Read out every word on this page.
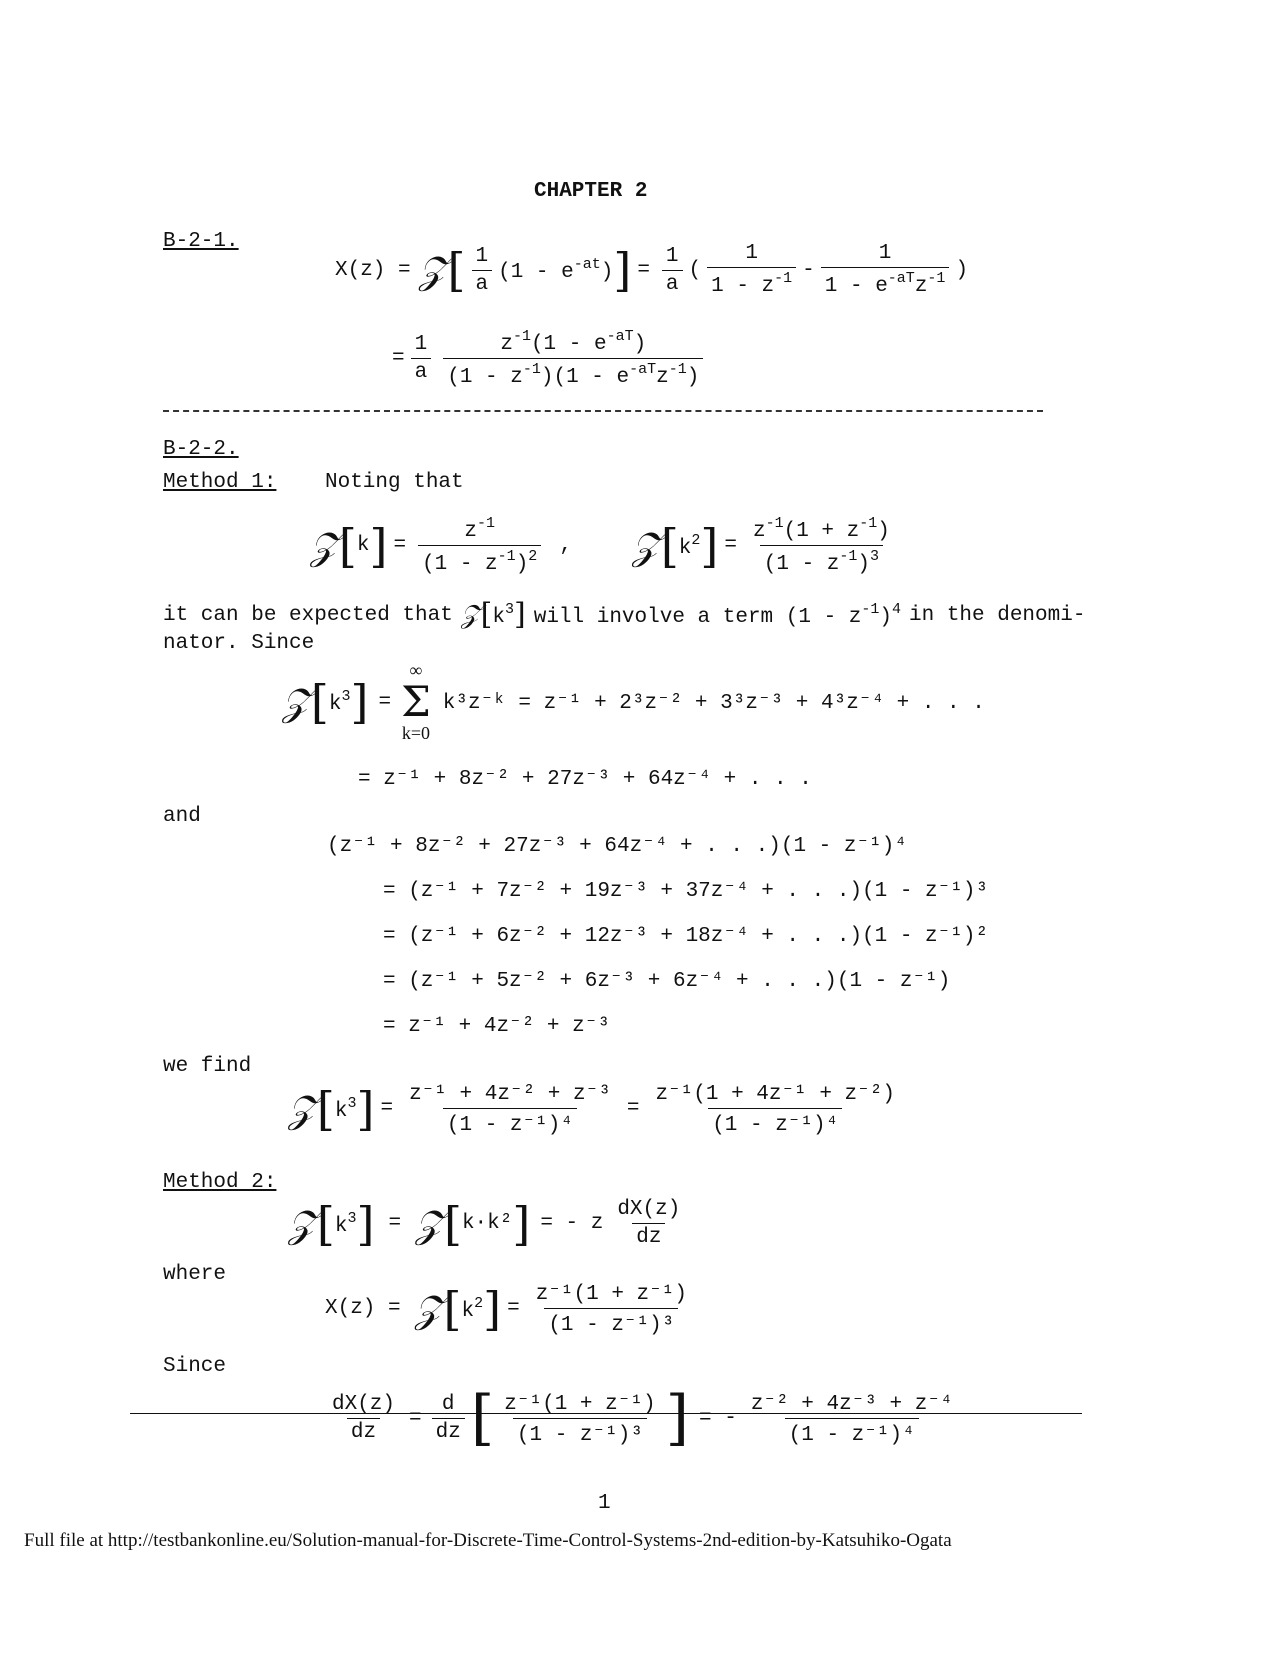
CHAPTER 2
B-2-1.
X(z) = 𝒵 [ $\frac{1}{a} (1 - e^{-at})$ ] = $\frac{1}{a}$ ( $\frac{1}{1 - z^{-1}} - \frac{1}{1 - e^{-aT}z^{-1}}$ )
= $\frac{1}{a} \frac{z^{-1}(1 - e^{-aT})}{(1 - z^{-1})(1 - e^{-aT}z^{-1})}$
B-2-2.
Method 1: Noting that
𝒵 [ k ] = $\frac{z^{-1}}{(1 - z^{-1})^2}$ , 𝒵 [ $k^2$ ] = $\frac{z^{-1}(1 + z^{-1})}{(1 - z^{-1})^3}$
it can be expected that 𝒵 [ $k^3$ ] will involve a term $(1 - z^{-1})^4$ in the denomi-
nator. Since
𝒵 [ $k^3$ ] =
∞
Σ
k=0
k³z⁻ᵏ = z⁻¹ + 2³z⁻² + 3³z⁻³ + 4³z⁻⁴ + . . .
= z⁻¹ + 8z⁻² + 27z⁻³ + 64z⁻⁴ + . . .
and
(z⁻¹ + 8z⁻² + 27z⁻³ + 64z⁻⁴ + . . .)(1 - z⁻¹)⁴
= (z⁻¹ + 7z⁻² + 19z⁻³ + 37z⁻⁴ + . . .)(1 - z⁻¹)³
= (z⁻¹ + 6z⁻² + 12z⁻³ + 18z⁻⁴ + . . .)(1 - z⁻¹)²
= (z⁻¹ + 5z⁻² + 6z⁻³ + 6z⁻⁴ + . . .)(1 - z⁻¹)
= z⁻¹ + 4z⁻² + z⁻³
we find
𝒵 [ $k^3$ ] = $\frac{\text{z⁻¹ + 4z⁻² + z⁻³}}{\text{(1 - z⁻¹)⁴}} = \frac{\text{z⁻¹(1 + 4z⁻¹ + z⁻²)}}{\text{(1 - z⁻¹)⁴}}$
Method 2:
𝒵 [ $k^3$ ] = 𝒵 [ k·k² ] = - z $\frac{dX(z)}{dz}$
where
X(z) = 𝒵 [ $k^2$ ] = $\frac{\text{z⁻¹(1 + z⁻¹)}}{\text{(1 - z⁻¹)³}}$
Since
$\frac{dX(z)}{dz} = \frac{d}{dz}$ [ $\frac{\text{z⁻¹(1 + z⁻¹)}}{\text{(1 - z⁻¹)³}}$ ] = - $\frac{\text{z⁻² + 4z⁻³ + z⁻⁴}}{\text{(1 - z⁻¹)⁴}}$
1
Full file at http://testbankonline.eu/Solution-manual-for-Discrete-Time-Control-Systems-2nd-edition-by-Katsuhiko-Ogata
